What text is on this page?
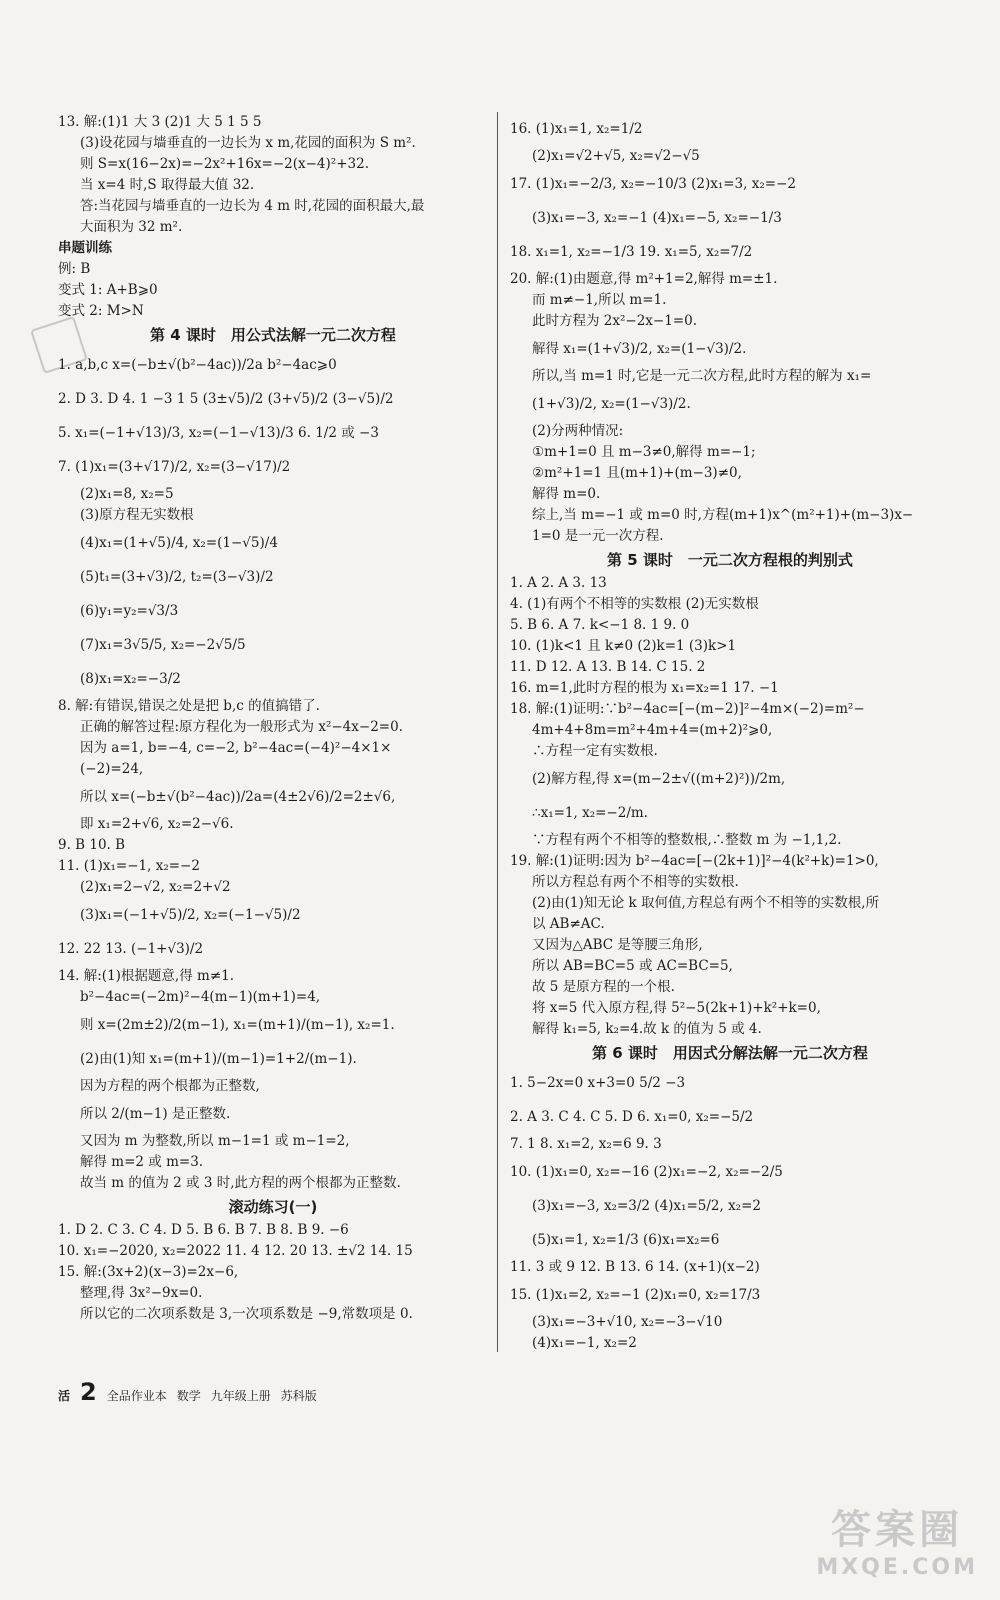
13. 解:(1)1 大 3 (2)1 大 5 1 5 5
(3)设花园与墙垂直的一边长为 x m,花园的面积为 S m².
则 S=x(16−2x)=−2x²+16x=−2(x−4)²+32.
当 x=4 时,S 取得最大值 32.
答:当花园与墙垂直的一边长为 4 m 时,花园的面积最大,最
大面积为 32 m².
串题训练
例: B
变式 1: A+B⩾0
变式 2: M>N
第 4 课时　用公式法解一元二次方程
1. a,b,c x=(−b±√(b²−4ac))/2a b²−4ac⩾0
2. D 3. D 4. 1 −3 1 5 (3±√5)/2 (3+√5)/2 (3−√5)/2
5. x₁=(−1+√13)/3, x₂=(−1−√13)/3 6. 1/2 或 −3
7. (1)x₁=(3+√17)/2, x₂=(3−√17)/2
(2)x₁=8, x₂=5
(3)原方程无实数根
(4)x₁=(1+√5)/4, x₂=(1−√5)/4
(5)t₁=(3+√3)/2, t₂=(3−√3)/2
(6)y₁=y₂=√3/3
(7)x₁=3√5/5, x₂=−2√5/5
(8)x₁=x₂=−3/2
8. 解:有错误,错误之处是把 b,c 的值搞错了.
正确的解答过程:原方程化为一般形式为 x²−4x−2=0.
因为 a=1, b=−4, c=−2, b²−4ac=(−4)²−4×1×
(−2)=24,
所以 x=(−b±√(b²−4ac))/2a=(4±2√6)/2=2±√6,
即 x₁=2+√6, x₂=2−√6.
9. B 10. B
11. (1)x₁=−1, x₂=−2
(2)x₁=2−√2, x₂=2+√2
(3)x₁=(−1+√5)/2, x₂=(−1−√5)/2
12. 22 13. (−1+√3)/2
14. 解:(1)根据题意,得 m≠1.
b²−4ac=(−2m)²−4(m−1)(m+1)=4,
则 x=(2m±2)/2(m−1), x₁=(m+1)/(m−1), x₂=1.
(2)由(1)知 x₁=(m+1)/(m−1)=1+2/(m−1).
因为方程的两个根都为正整数,
所以 2/(m−1) 是正整数.
又因为 m 为整数,所以 m−1=1 或 m−1=2,
解得 m=2 或 m=3.
故当 m 的值为 2 或 3 时,此方程的两个根都为正整数.
滚动练习(一)
1. D 2. C 3. C 4. D 5. B 6. B 7. B 8. B 9. −6
10. x₁=−2020, x₂=2022 11. 4 12. 20 13. ±√2 14. 15
15. 解:(3x+2)(x−3)=2x−6,
整理,得 3x²−9x=0.
所以它的二次项系数是 3,一次项系数是 −9,常数项是 0.
16. (1)x₁=1, x₂=1/2
(2)x₁=√2+√5, x₂=√2−√5
17. (1)x₁=−2/3, x₂=−10/3 (2)x₁=3, x₂=−2
(3)x₁=−3, x₂=−1 (4)x₁=−5, x₂=−1/3
18. x₁=1, x₂=−1/3 19. x₁=5, x₂=7/2
20. 解:(1)由题意,得 m²+1=2,解得 m=±1.
而 m≠−1,所以 m=1.
此时方程为 2x²−2x−1=0.
解得 x₁=(1+√3)/2, x₂=(1−√3)/2.
所以,当 m=1 时,它是一元二次方程,此时方程的解为 x₁=
(1+√3)/2, x₂=(1−√3)/2.
(2)分两种情况:
①m+1=0 且 m−3≠0,解得 m=−1;
②m²+1=1 且(m+1)+(m−3)≠0,
解得 m=0.
综上,当 m=−1 或 m=0 时,方程(m+1)x^(m²+1)+(m−3)x−
1=0 是一元一次方程.
第 5 课时　一元二次方程根的判别式
1. A 2. A 3. 13
4. (1)有两个不相等的实数根 (2)无实数根
5. B 6. A 7. k<−1 8. 1 9. 0
10. (1)k<1 且 k≠0 (2)k=1 (3)k>1
11. D 12. A 13. B 14. C 15. 2
16. m=1,此时方程的根为 x₁=x₂=1 17. −1
18. 解:(1)证明:∵b²−4ac=[−(m−2)]²−4m×(−2)=m²−
4m+4+8m=m²+4m+4=(m+2)²⩾0,
∴方程一定有实数根.
(2)解方程,得 x=(m−2±√((m+2)²))/2m,
∴x₁=1, x₂=−2/m.
∵方程有两个不相等的整数根,∴整数 m 为 −1,1,2.
19. 解:(1)证明:因为 b²−4ac=[−(2k+1)]²−4(k²+k)=1>0,
所以方程总有两个不相等的实数根.
(2)由(1)知无论 k 取何值,方程总有两个不相等的实数根,所
以 AB≠AC.
又因为△ABC 是等腰三角形,
所以 AB=BC=5 或 AC=BC=5,
故 5 是原方程的一个根.
将 x=5 代入原方程,得 5²−5(2k+1)+k²+k=0,
解得 k₁=5, k₂=4.故 k 的值为 5 或 4.
第 6 课时　用因式分解法解一元二次方程
1. 5−2x=0 x+3=0 5/2 −3
2. A 3. C 4. C 5. D 6. x₁=0, x₂=−5/2
7. 1 8. x₁=2, x₂=6 9. 3
10. (1)x₁=0, x₂=−16 (2)x₁=−2, x₂=−2/5
(3)x₁=−3, x₂=3/2 (4)x₁=5/2, x₂=2
(5)x₁=1, x₂=1/3 (6)x₁=x₂=6
11. 3 或 9 12. B 13. 6 14. (x+1)(x−2)
15. (1)x₁=2, x₂=−1 (2)x₁=0, x₂=17/3
(3)x₁=−3+√10, x₂=−3−√10
(4)x₁=−1, x₂=2
活 2 全品作业本 数学 九年级上册 苏科版
答案圈
MXQE.COM
